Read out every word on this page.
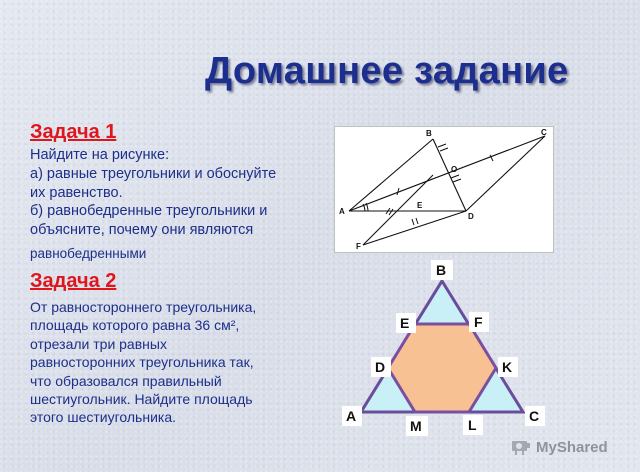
Домашнее задание
Задача 1
Найдите на рисунке:
а) равные треугольники и обоснуйте
их равенство.
б) равнобедренные треугольники и
объясните, почему они являются
равнобедренными
Задача 2
От равностороннего треугольника,
площадь которого равна 36 см²,
отрезали три равных
равносторонних треугольника так,
что образовался правильный
шестиугольник. Найдите площадь
этого шестиугольника.
A
B	C
O
E
D
F
B
E	F
D	K
A
M	L
C
MyShared
